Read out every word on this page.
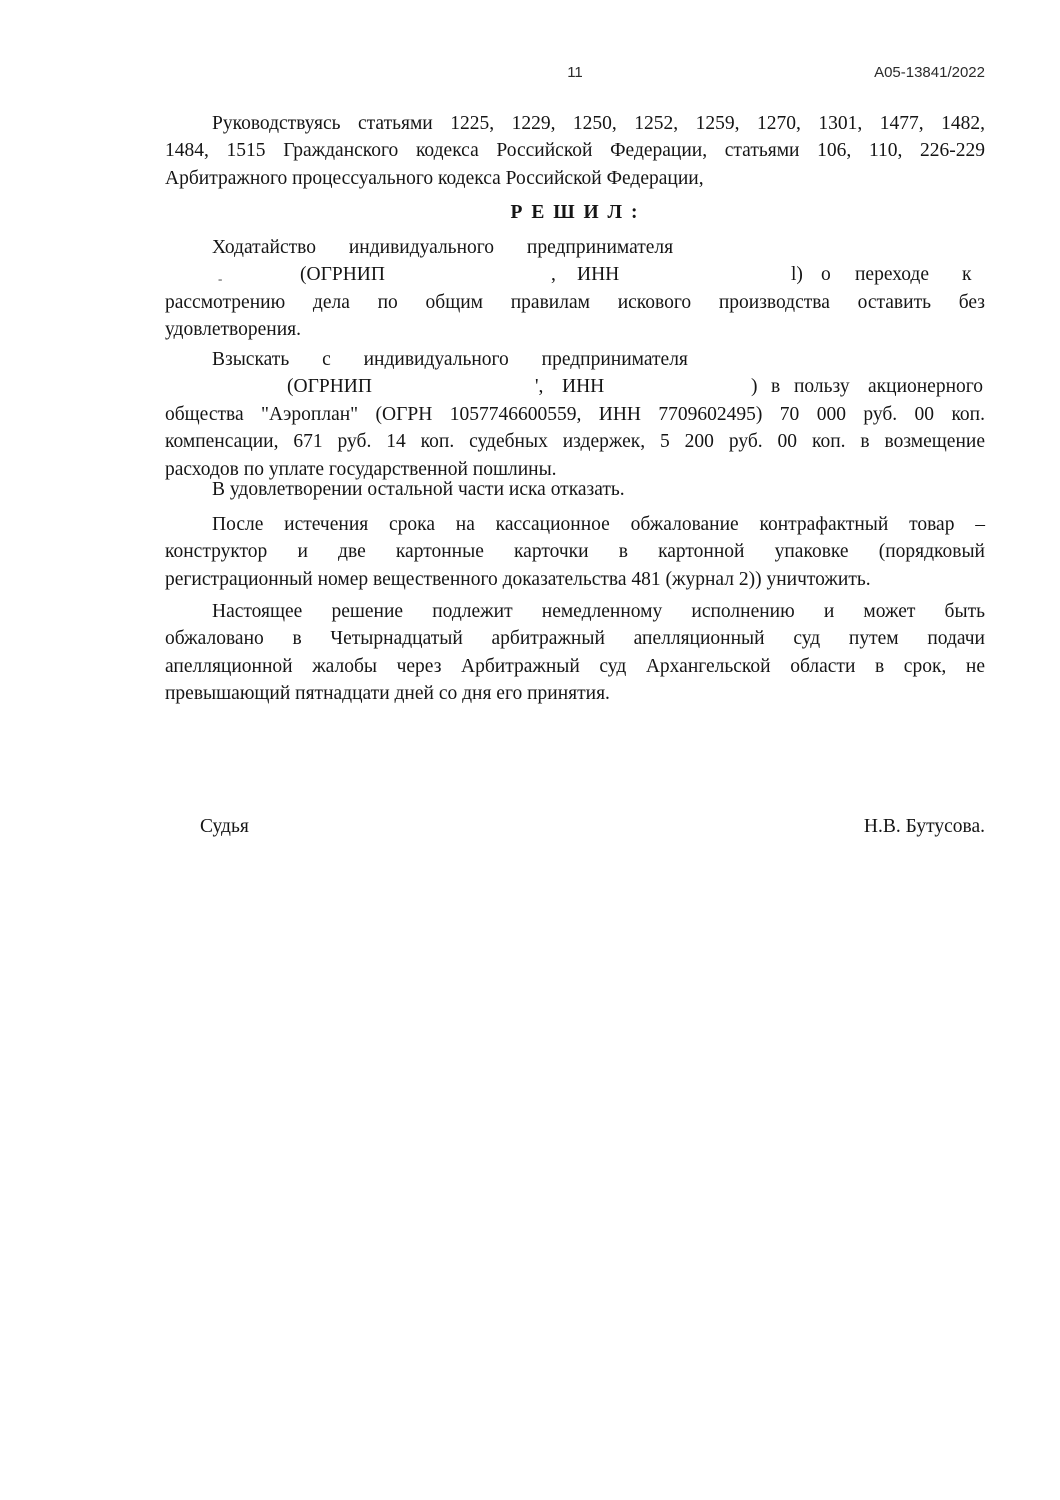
11	А05-13841/2022
Руководствуясь статьями 1225, 1229, 1250, 1252, 1259, 1270, 1301, 1477, 1482,
1484, 1515 Гражданского кодекса Российской Федерации, статьями 106, 110, 226-229
Арбитражного процессуального кодекса Российской Федерации,
Р Е Ш И Л :
Ходатайство индивидуального предпринимателя
-	(ОГРНИП	, ИНН	l) о переходе к
рассмотрению дела по общим правилам искового производства оставить без
удовлетворения.
Взыскать с индивидуального предпринимателя
(ОГРНИП	', ИНН	) в пользу акционерного
общества "Аэроплан" (ОГРН 1057746600559, ИНН 7709602495) 70 000 руб. 00 коп.
компенсации, 671 руб. 14 коп. судебных издержек, 5 200 руб. 00 коп. в возмещение
расходов по уплате государственной пошлины.
В удовлетворении остальной части иска отказать.
После истечения срока на кассационное обжалование контрафактный товар –
конструктор и две картонные карточки в картонной упаковке (порядковый
регистрационный номер вещественного доказательства 481 (журнал 2)) уничтожить.
Настоящее решение подлежит немедленному исполнению и может быть
обжаловано в Четырнадцатый арбитражный апелляционный суд путем подачи
апелляционной жалобы через Арбитражный суд Архангельской области в срок, не
превышающий пятнадцати дней со дня его принятия.
Судья	Н.В. Бутусова.
